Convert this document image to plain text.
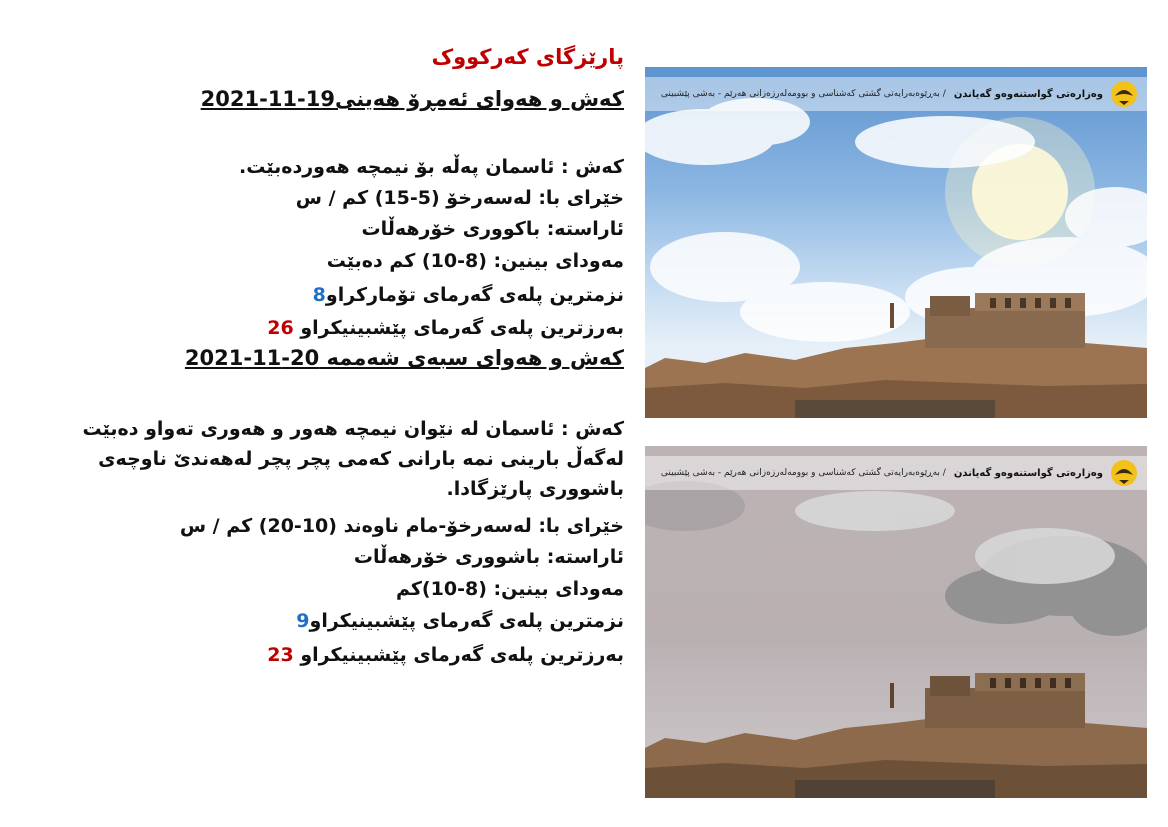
پارێزگای کەرکووک
کەش و هەوای ئەمڕۆ هەینی19-11-2021
کەش : ئاسمان پەڵە بۆ نیمچە هەوردەبێت.
خێرای با: لەسەرخۆ (5-15) کم / س
ئاراستە: باکووری خۆرهەڵات
مەودای بینین: (8-10) کم دەبێت
نزمترین پلەی گەرمای تۆمارکراو8
بەرزترین پلەی گەرمای پێشبینیکراو 26
کەش و هەوای سبەی شەممە 20-11-2021
کەش : ئاسمان لە نێوان نیمچە هەور و هەوری تەواو دەبێت لەگەڵ بارینی نمە بارانی کەمی پچر پچر لەهەندێ ناوچەی باشووری پارێزگادا.
خێرای با: لەسەرخۆ-مام ناوەند (10-20) کم / س
ئاراستە: باشووری خۆرهەڵات
مەودای بینین: (8-10)کم
نزمترین پلەی گەرمای پێشبینیکراو9
بەرزترین پلەی گەرمای پێشبینیکراو 23
وەزارەتی گواستنەوەو گەیاندن
/ بەڕێوەبەرایەتی گشتی کەشناسی و بوومەلەرزەزانی هەرێم - بەشی پێشبینی
وەزارەتی گواستنەوەو گەیاندن
/ بەڕێوەبەرایەتی گشتی کەشناسی و بوومەلەرزەزانی هەرێم - بەشی پێشبینی
